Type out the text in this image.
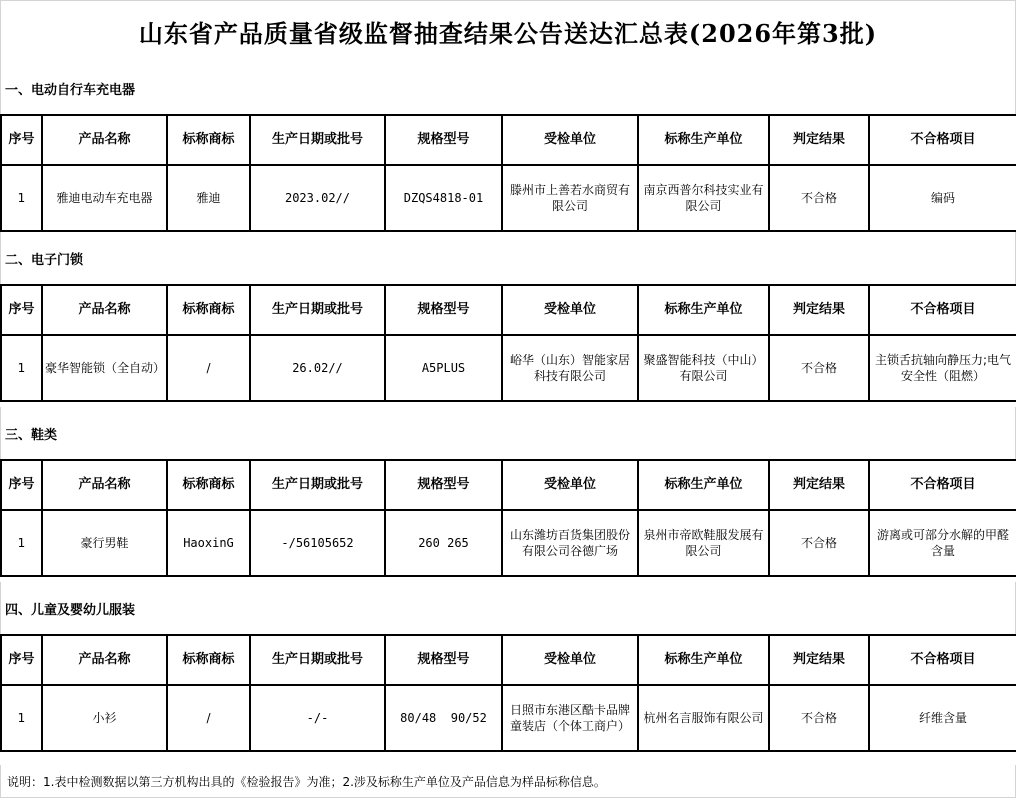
山东省产品质量省级监督抽查结果公告送达汇总表(2026年第3批)
一、电动自行车充电器
序号	产品名称	标称商标	生产日期或批号	规格型号	受检单位	标称生产单位	判定结果	不合格项目
1	雅迪电动车充电器	雅迪	2023.02//	DZQS4818-01	滕州市上善若水商贸有限公司	南京西普尔科技实业有限公司	不合格	编码
二、电子门锁
序号	产品名称	标称商标	生产日期或批号	规格型号	受检单位	标称生产单位	判定结果	不合格项目
1	豪华智能锁（全自动）	/	26.02//	A5PLUS	峪华（山东）智能家居科技有限公司	聚盛智能科技（中山）有限公司	不合格	主锁舌抗轴向静压力;电气安全性（阻燃）
三、鞋类
序号	产品名称	标称商标	生产日期或批号	规格型号	受检单位	标称生产单位	判定结果	不合格项目
1	豪行男鞋	HaoxinG	-/56105652	260 265	山东潍坊百货集团股份有限公司谷德广场	泉州市帝欧鞋服发展有限公司	不合格	游离或可部分水解的甲醛含量
四、儿童及婴幼儿服装
序号	产品名称	标称商标	生产日期或批号	规格型号	受检单位	标称生产单位	判定结果	不合格项目
1	小衫	/	-/-	80/48  90/52	日照市东港区酷卡品牌童装店（个体工商户）	杭州名言服饰有限公司	不合格	纤维含量
说明：1.表中检测数据以第三方机构出具的《检验报告》为准；2.涉及标称生产单位及产品信息为样品标称信息。
